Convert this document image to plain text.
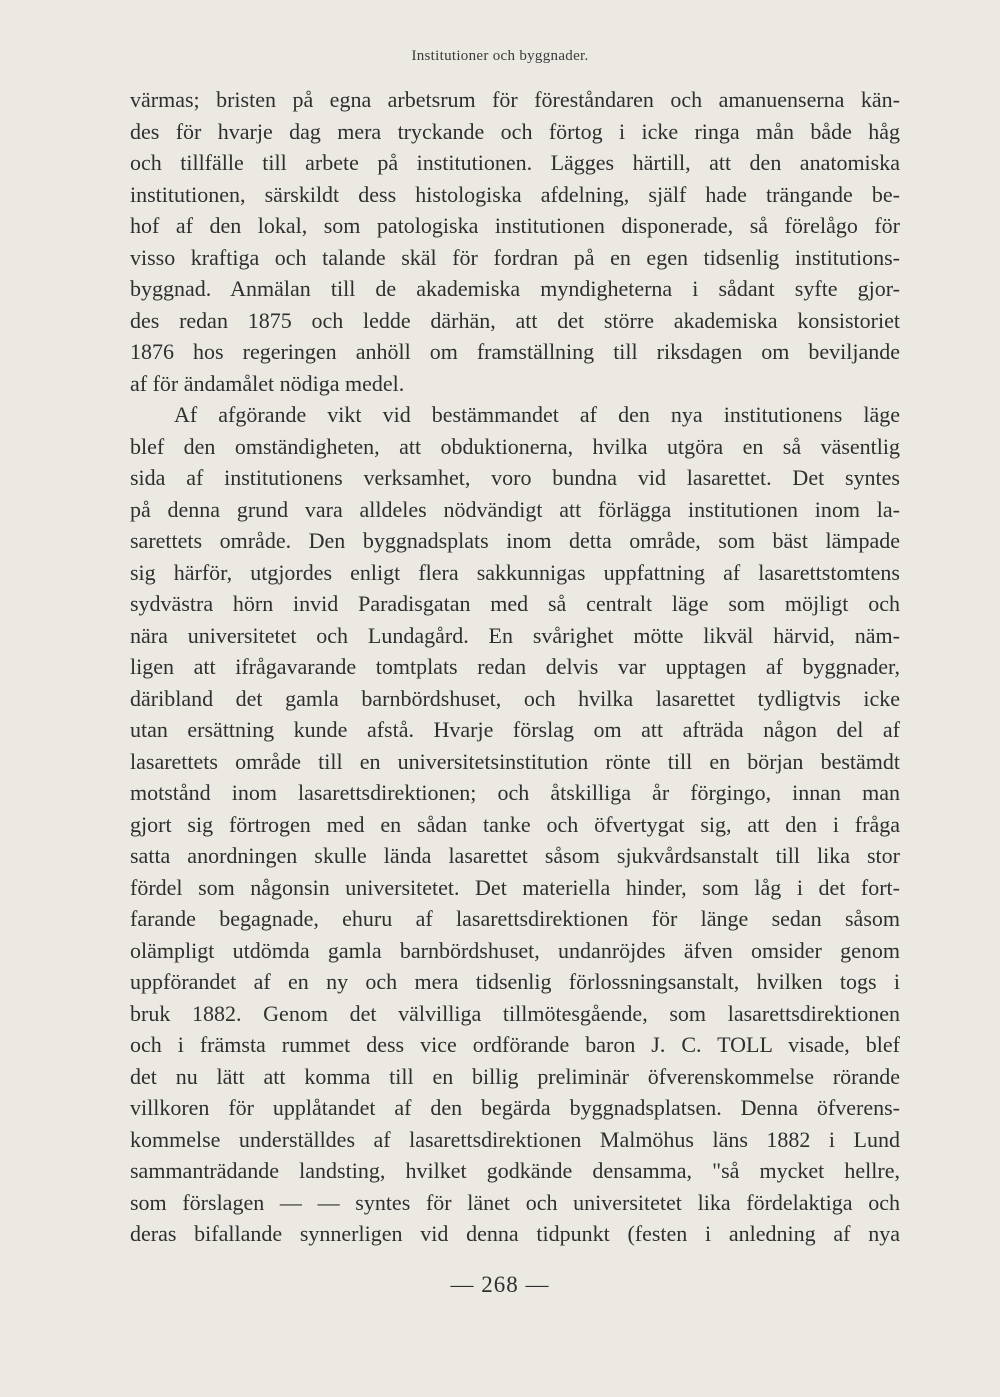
Institutioner och byggnader.
värmas; bristen på egna arbetsrum för föreståndaren och amanuenserna kän-
des för hvarje dag mera tryckande och förtog i icke ringa mån både håg
och tillfälle till arbete på institutionen. Lägges härtill, att den anatomiska
institutionen, särskildt dess histologiska afdelning, själf hade trängande be-
hof af den lokal, som patologiska institutionen disponerade, så förelågo för
visso kraftiga och talande skäl för fordran på en egen tidsenlig institutions-
byggnad. Anmälan till de akademiska myndigheterna i sådant syfte gjor-
des redan 1875 och ledde därhän, att det större akademiska konsistoriet
1876 hos regeringen anhöll om framställning till riksdagen om beviljande
af för ändamålet nödiga medel.
Af afgörande vikt vid bestämmandet af den nya institutionens läge
blef den omständigheten, att obduktionerna, hvilka utgöra en så väsentlig
sida af institutionens verksamhet, voro bundna vid lasarettet. Det syntes
på denna grund vara alldeles nödvändigt att förlägga institutionen inom la-
sarettets område. Den byggnadsplats inom detta område, som bäst lämpade
sig härför, utgjordes enligt flera sakkunnigas uppfattning af lasarettstomtens
sydvästra hörn invid Paradisgatan med så centralt läge som möjligt och
nära universitetet och Lundagård. En svårighet mötte likväl härvid, näm-
ligen att ifrågavarande tomtplats redan delvis var upptagen af byggnader,
däribland det gamla barnbördshuset, och hvilka lasarettet tydligtvis icke
utan ersättning kunde afstå. Hvarje förslag om att afträda någon del af
lasarettets område till en universitetsinstitution rönte till en början bestämdt
motstånd inom lasarettsdirektionen; och åtskilliga år förgingo, innan man
gjort sig förtrogen med en sådan tanke och öfvertygat sig, att den i fråga
satta anordningen skulle lända lasarettet såsom sjukvårdsanstalt till lika stor
fördel som någonsin universitetet. Det materiella hinder, som låg i det fort-
farande begagnade, ehuru af lasarettsdirektionen för länge sedan såsom
olämpligt utdömda gamla barnbördshuset, undanröjdes äfven omsider genom
uppförandet af en ny och mera tidsenlig förlossningsanstalt, hvilken togs i
bruk 1882. Genom det välvilliga tillmötesgående, som lasarettsdirektionen
och i främsta rummet dess vice ordförande baron J. C. TOLL visade, blef
det nu lätt att komma till en billig preliminär öfverenskommelse rörande
villkoren för upplåtandet af den begärda byggnadsplatsen. Denna öfverens-
kommelse underställdes af lasarettsdirektionen Malmöhus läns 1882 i Lund
sammanträdande landsting, hvilket godkände densamma, "så mycket hellre,
som förslagen — — syntes för länet och universitetet lika fördelaktiga och
deras bifallande synnerligen vid denna tidpunkt (festen i anledning af nya
— 268 —
